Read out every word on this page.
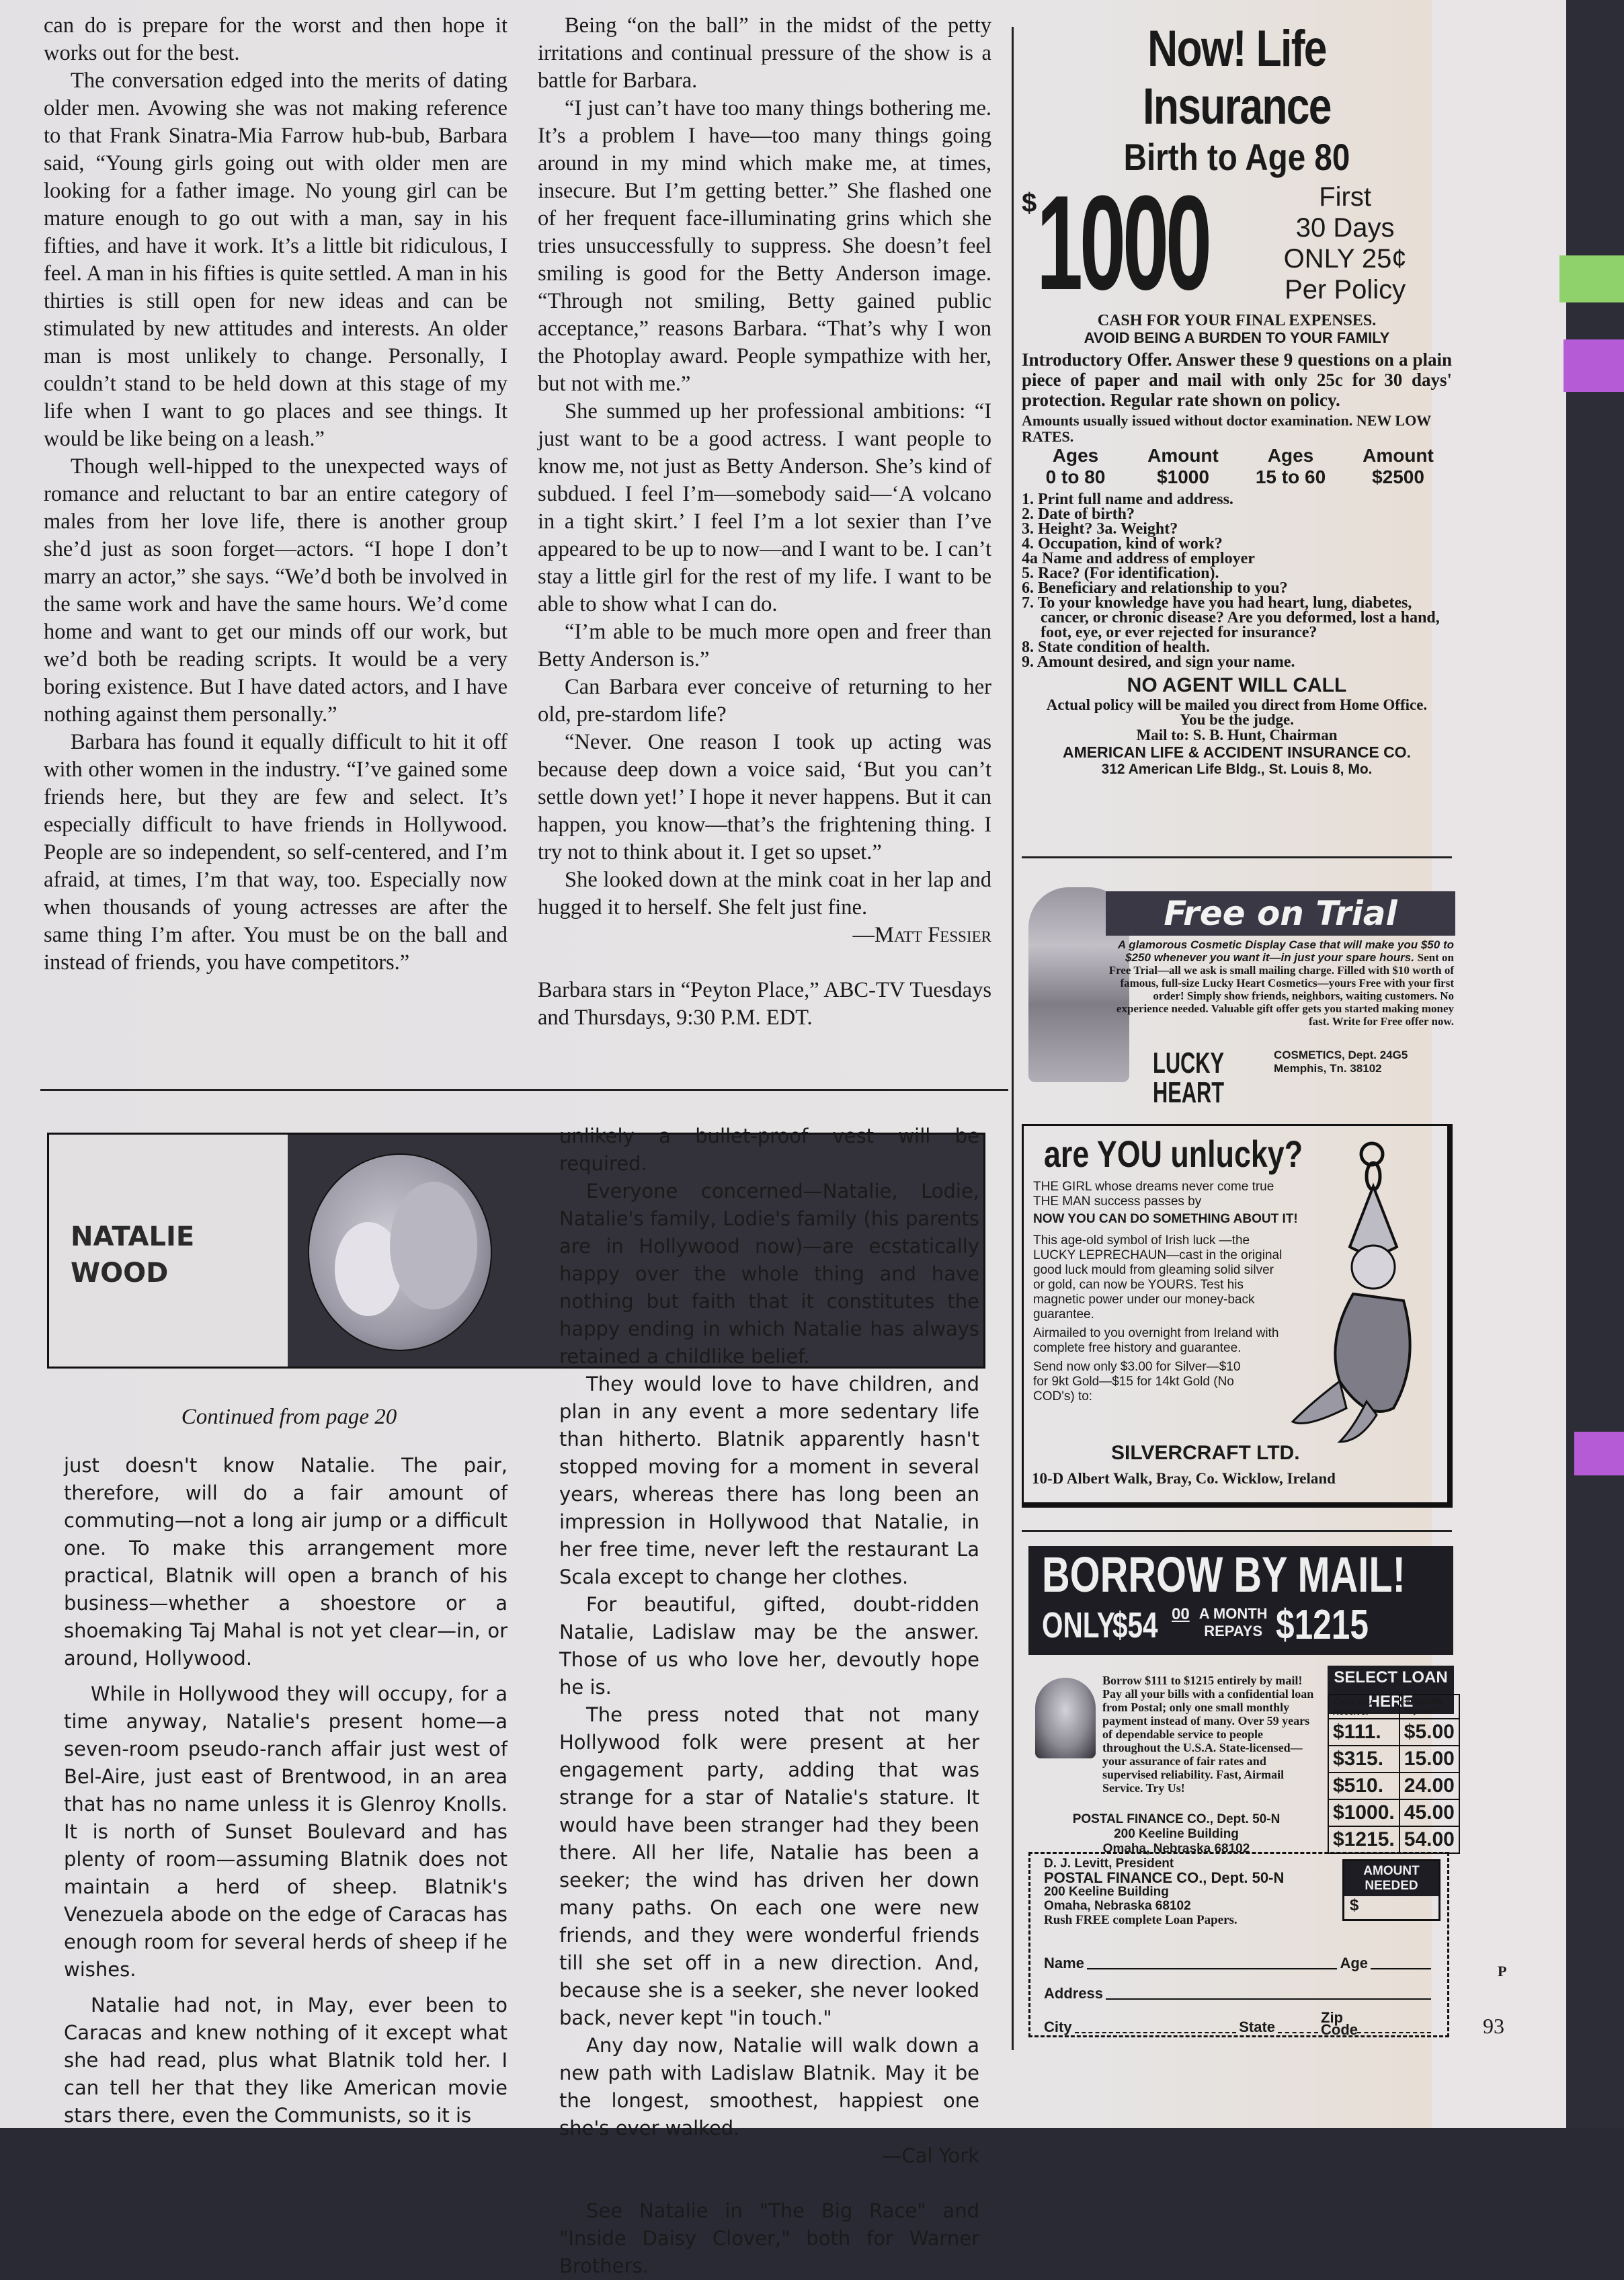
can do is prepare for the worst and then hope it works out for the best.

The conversation edged into the merits of dating older men. Avowing she was not making reference to that Frank Sinatra-Mia Farrow hub-bub, Barbara said, “Young girls going out with older men are looking for a father image. No young girl can be mature enough to go out with a man, say in his fifties, and have it work. It’s a little bit ridiculous, I feel. A man in his fifties is quite settled. A man in his thirties is still open for new ideas and can be stimulated by new attitudes and interests. An older man is most unlikely to change. Personally, I couldn’t stand to be held down at this stage of my life when I want to go places and see things. It would be like being on a leash.”

Though well-hipped to the unexpected ways of romance and reluctant to bar an entire category of males from her love life, there is another group she’d just as soon forget—actors. “I hope I don’t marry an actor,” she says. “We’d both be involved in the same work and have the same hours. We’d come home and want to get our minds off our work, but we’d both be reading scripts. It would be a very boring existence. But I have dated actors, and I have nothing against them personally.”

Barbara has found it equally difficult to hit it off with other women in the industry. “I’ve gained some friends here, but they are few and select. It’s especially difficult to have friends in Hollywood. People are so independent, so self-centered, and I’m afraid, at times, I’m that way, too. Especially now when thousands of young actresses are after the same thing I’m after. You must be on the ball and instead of friends, you have competitors.”

Being “on the ball” in the midst of the petty irritations and continual pressure of the show is a battle for Barbara.

“I just can’t have too many things bothering me. It’s a problem I have—too many things going around in my mind which make me, at times, insecure. But I’m getting better.” She flashed one of her frequent face-illuminating grins which she tries unsuccessfully to suppress. She doesn’t feel smiling is good for the Betty Anderson image. “Through not smiling, Betty gained public acceptance,” reasons Barbara. “That’s why I won the Photoplay award. People sympathize with her, but not with me.”

She summed up her professional ambitions: “I just want to be a good actress. I want people to know me, not just as Betty Anderson. She’s kind of subdued. I feel I’m—somebody said—‘A volcano in a tight skirt.’ I feel I’m a lot sexier than I’ve appeared to be up to now—and I want to be. I can’t stay a little girl for the rest of my life. I want to be able to show what I can do.

“I’m able to be much more open and freer than Betty Anderson is.”

Can Barbara ever conceive of returning to her old, pre-stardom life?

“Never. One reason I took up acting was because deep down a voice said, ‘But you can’t settle down yet!’ I hope it never happens. But it can happen, you know—that’s the frightening thing. I try not to think about it. I get so upset.”

She looked down at the mink coat in her lap and hugged it to herself. She felt just fine.

—Matt Fessier

Barbara stars in “Peyton Place,” ABC-TV Tuesdays and Thursdays, 9:30 P.M. EDT.

NATALIE
WOOD
Continued from page 20

just doesn't know Natalie. The pair, therefore, will do a fair amount of commuting—not a long air jump or a difficult one. To make this arrangement more practical, Blatnik will open a branch of his business—whether a shoestore or a shoemaking Taj Mahal is not yet clear—in, or around, Hollywood.

While in Hollywood they will occupy, for a time anyway, Natalie's present home—a seven-room pseudo-ranch affair just west of Bel-Aire, just east of Brentwood, in an area that has no name unless it is Glenroy Knolls. It is north of Sunset Boulevard and has plenty of room—assuming Blatnik does not maintain a herd of sheep. Blatnik's Venezuela abode on the edge of Caracas has enough room for several herds of sheep if he wishes.

Natalie had not, in May, ever been to Caracas and knew nothing of it except what she had read, plus what Blatnik told her. I can tell her that they like American movie stars there, even the Communists, so it is

unlikely a bullet-proof vest will be required.

Everyone concerned—Natalie, Lodie, Natalie's family, Lodie's family (his parents are in Hollywood now)—are ecstatically happy over the whole thing and have nothing but faith that it constitutes the happy ending in which Natalie has always retained a childlike belief.

They would love to have children, and plan in any event a more sedentary life than hitherto. Blatnik apparently hasn't stopped moving for a moment in several years, whereas there has long been an impression in Hollywood that Natalie, in her free time, never left the restaurant La Scala except to change her clothes.

For beautiful, gifted, doubt-ridden Natalie, Ladislaw may be the answer. Those of us who love her, devoutly hope he is.

The press noted that not many Hollywood folk were present at her engagement party, adding that was strange for a star of Natalie's stature. It would have been stranger had they been there. All her life, Natalie has been a seeker; the wind has driven her down many paths. On each one were new friends, and they were wonderful friends till she set off in a new direction. And, because she is a seeker, she never looked back, never kept "in touch."

Any day now, Natalie will walk down a new path with Ladislaw Blatnik. May it be the longest, smoothest, happiest one she's ever walked.

—Cal York

See Natalie in "The Big Race" and "Inside Daisy Clover," both for Warner Brothers.

Now! Life Insurance
Birth to Age 80
$ 1000	First
30 Days
ONLY 25¢
Per Policy
CASH FOR YOUR FINAL EXPENSES.
AVOID BEING A BURDEN TO YOUR FAMILY
Introductory Offer. Answer these 9 questions on a plain piece of paper and mail with only 25c for 30 days' protection. Regular rate shown on policy.
Amounts usually issued without doctor examination. NEW LOW RATES.
Ages	Amount	Ages	Amount
0 to 80	$1000	15 to 60	$2500
1. Print full name and address.
2. Date of birth?
3. Height? 3a. Weight?
4. Occupation, kind of work?
4a Name and address of employer
5. Race? (For identification).
6. Beneficiary and relationship to you?
7. To your knowledge have you had heart, lung, diabetes, cancer, or chronic disease? Are you deformed, lost a hand, foot, eye, or ever rejected for insurance?
8. State condition of health.
9. Amount desired, and sign your name.
NO AGENT WILL CALL
Actual policy will be mailed you direct from Home Office. You be the judge.
Mail to: S. B. Hunt, Chairman
AMERICAN LIFE & ACCIDENT INSURANCE CO.
312 American Life Bldg., St. Louis 8, Mo.
Free on Trial
A glamorous Cosmetic Display Case that will make you $50 to $250 whenever you want it—in just your spare hours. Sent on Free Trial—all we ask is small mailing charge. Filled with $10 worth of famous, full-size Lucky Heart Cosmetics—yours Free with your first order! Simply show friends, neighbors, waiting customers. No experience needed. Valuable gift offer gets you started making money fast. Write for Free offer now.
LUCKY HEART
COSMETICS, Dept. 24G5
Memphis, Tn. 38102
are YOU unlucky?
THE GIRL whose dreams never come true
THE MAN success passes by
NOW YOU CAN DO SOMETHING ABOUT IT!
This age-old symbol of Irish luck —the LUCKY LEPRECHAUN—cast in the original good luck mould from gleaming solid silver or gold, can now be YOURS. Test his magnetic power under our money-back guarantee.
Airmailed to you overnight from Ireland with complete free history and guarantee.
Send now only $3.00 for Silver—$10 for 9kt Gold—$15 for 14kt Gold (No COD's) to:
SILVERCRAFT LTD.
10-D Albert Walk, Bray, Co. Wicklow, Ireland
BORROW BY MAIL!
ONLY
$54 00 A MONTH
REPAYS $1215
Borrow $111 to $1215 entirely by mail! Pay all your bills with a confidential loan from Postal; only one small monthly payment instead of many. Over 59 years of dependable service to people throughout the U.S.A. State-licensed—your assurance of fair rates and supervised reliability. Fast, Airmail Service. Try Us!
POSTAL FINANCE CO., Dept. 50-N
200 Keeline Building
Omaha, Nebraska 68102
SELECT LOAN HERE
Cash You Receive!	30 Monthly Payments
$111.	$5.00
$315.	15.00
$510.	24.00
$1000.	45.00
$1215.	54.00
D. J. Levitt, President
POSTAL FINANCE CO., Dept. 50-N
200 Keeline Building
Omaha, Nebraska 68102
Rush FREE complete Loan Papers.
AMOUNT NEEDED
$
Name	Age
Address
City	State
Zip Code
P
93
